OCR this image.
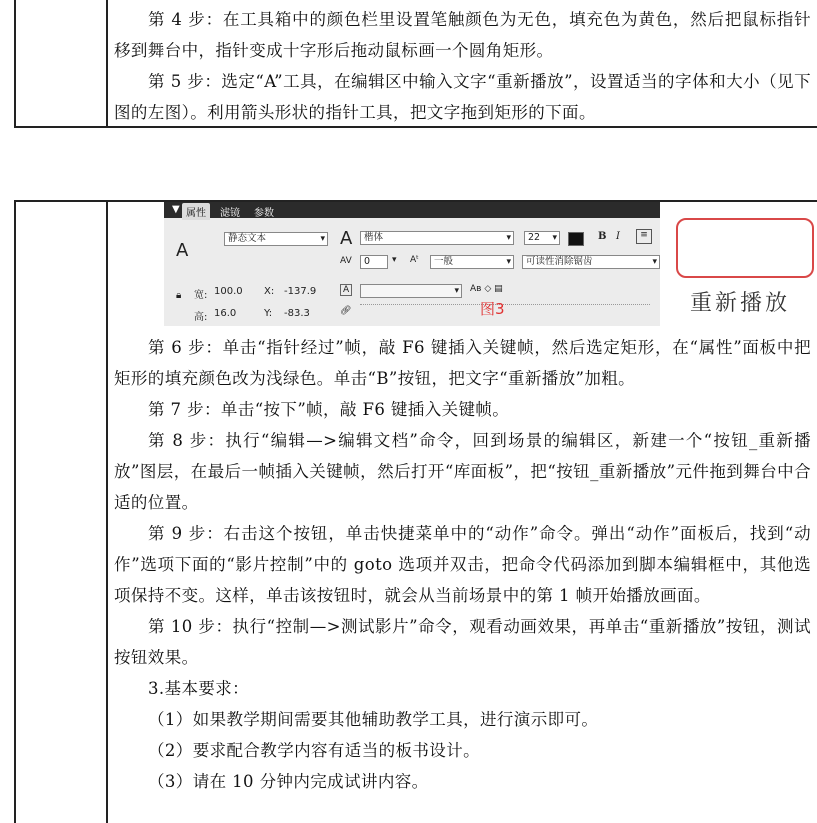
第 4 步：在工具箱中的颜色栏里设置笔触颜色为无色，填充色为黄色，然后把鼠标指针移到舞台中，指针变成十字形后拖动鼠标画一个圆角矩形。

第 5 步：选定“A”工具，在编辑区中输入文字“重新播放”，设置适当的字体和大小（见下图的左图）。利用箭头形状的指针工具，把文字拖到矩形的下面。

▼ 属性	滤镜	参数
A
静态文本 ▾	A	楷体 ▾	22 ▾	B I	≡
AV	0	▾ Aᵗ	一般 ▾	可读性消除锯齿 ▾
🔒︎ 宽: 100.0 X: -137.9
高: 16.0	Y: -83.3
A
▾	Aв ◇ ▤
🔗︎	图3	重新播放

第 6 步：单击“指针经过”帧，敲 F6 键插入关键帧，然后选定矩形，在“属性”面板中把矩形的填充颜色改为浅绿色。单击“B”按钮，把文字“重新播放”加粗。

第 7 步：单击“按下”帧，敲 F6 键插入关键帧。

第 8 步：执行“编辑—>编辑文档”命令，回到场景的编辑区，新建一个“按钮_重新播放”图层，在最后一帧插入关键帧，然后打开“库面板”，把“按钮_重新播放”元件拖到舞台中合适的位置。

第 9 步：右击这个按钮，单击快捷菜单中的“动作”命令。弹出“动作”面板后，找到“动作”选项下面的“影片控制”中的 goto 选项并双击，把命令代码添加到脚本编辑框中，其他选项保持不变。这样，单击该按钮时，就会从当前场景中的第 1 帧开始播放画面。

第 10 步：执行“控制—>测试影片”命令，观看动画效果，再单击“重新播放”按钮，测试按钮效果。

3.基本要求：

（1）如果教学期间需要其他辅助教学工具，进行演示即可。

（2）要求配合教学内容有适当的板书设计。

（3）请在 10 分钟内完成试讲内容。
